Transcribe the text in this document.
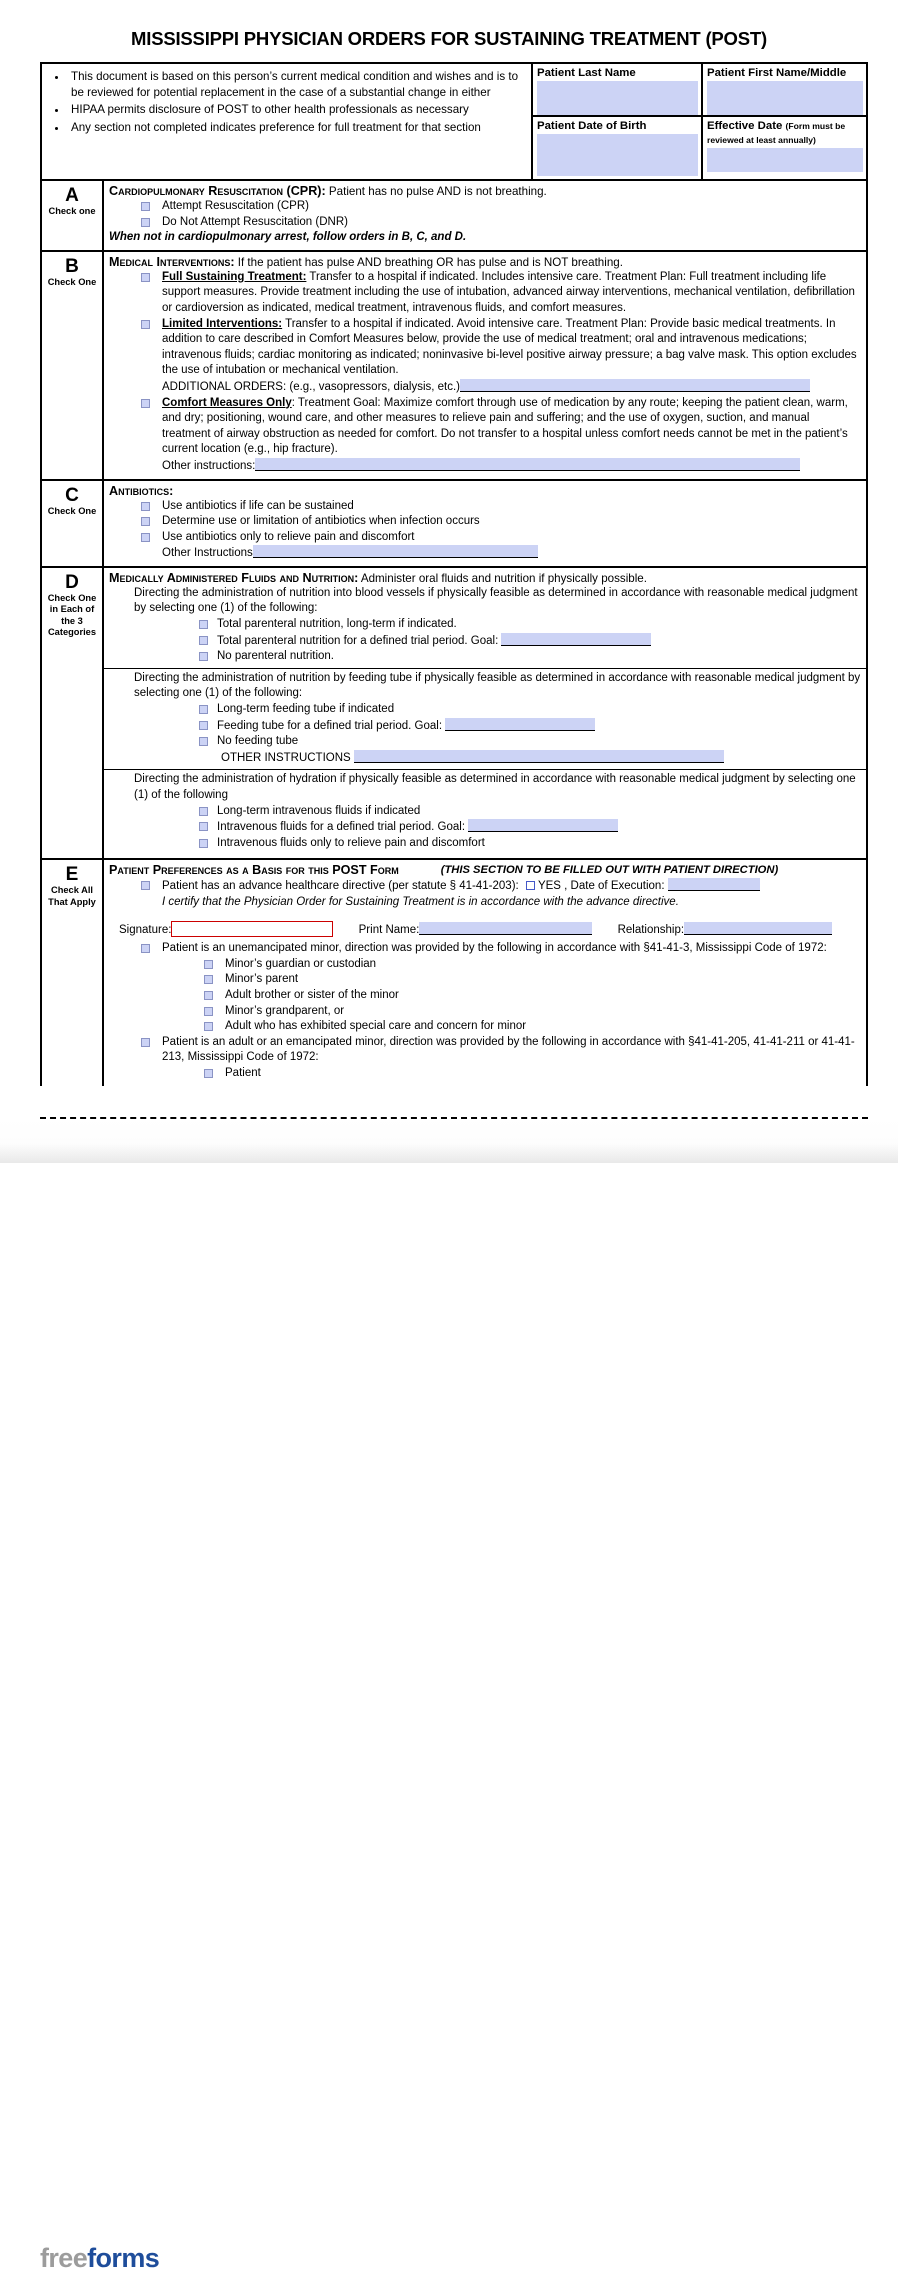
MISSISSIPPI PHYSICIAN ORDERS FOR SUSTAINING TREATMENT (POST)
• This document is based on this person’s current medical condition and wishes and is to be reviewed for potential replacement in the case of a substantial change in either
• HIPAA permits disclosure of POST to other health professionals as necessary
• Any section not completed indicates preference for full treatment for that section
Patient Last Name	Patient First Name/Middle
Patient Date of Birth	Effective Date (Form must be reviewed at least annually)
A
Check one
Cardiopulmonary Resuscitation (CPR): Patient has no pulse AND is not breathing.
Attempt Resuscitation (CPR)
Do Not Attempt Resuscitation (DNR)
When not in cardiopulmonary arrest, follow orders in B, C, and D.
B
Check One
Medical Interventions: If the patient has pulse AND breathing OR has pulse and is NOT breathing.
Full Sustaining Treatment: Transfer to a hospital if indicated. Includes intensive care. Treatment Plan: Full treatment including life support measures. Provide treatment including the use of intubation, advanced airway interventions, mechanical ventilation, defibrillation or cardioversion as indicated, medical treatment, intravenous fluids, and comfort measures.
Limited Interventions: Transfer to a hospital if indicated. Avoid intensive care. Treatment Plan: Provide basic medical treatments. In addition to care described in Comfort Measures below, provide the use of medical treatment; oral and intravenous medications; intravenous fluids; cardiac monitoring as indicated; noninvasive bi-level positive airway pressure; a bag valve mask. This option excludes the use of intubation or mechanical ventilation.
ADDITIONAL ORDERS: (e.g., vasopressors, dialysis, etc.)
Comfort Measures Only: Treatment Goal: Maximize comfort through use of medication by any route; keeping the patient clean, warm, and dry; positioning, wound care, and other measures to relieve pain and suffering; and the use of oxygen, suction, and manual treatment of airway obstruction as needed for comfort. Do not transfer to a hospital unless comfort needs cannot be met in the patient’s current location (e.g., hip fracture).
Other instructions:
C
Check One
Antibiotics:
Use antibiotics if life can be sustained
Determine use or limitation of antibiotics when infection occurs
Use antibiotics only to relieve pain and discomfort
Other Instructions
D
Check One
in Each of
the 3
Categories
Medically Administered Fluids and Nutrition: Administer oral fluids and nutrition if physically possible.
Directing the administration of nutrition into blood vessels if physically feasible as determined in accordance with reasonable medical judgment by selecting one (1) of the following:
Total parenteral nutrition, long-term if indicated.
Total parenteral nutrition for a defined trial period. Goal:
No parenteral nutrition.
Directing the administration of nutrition by feeding tube if physically feasible as determined in accordance with reasonable medical judgment by selecting one (1) of the following:
Long-term feeding tube if indicated
Feeding tube for a defined trial period. Goal:
No feeding tube
OTHER INSTRUCTIONS
Directing the administration of hydration if physically feasible as determined in accordance with reasonable medical judgment by selecting one (1) of the following
Long-term intravenous fluids if indicated
Intravenous fluids for a defined trial period. Goal:
Intravenous fluids only to relieve pain and discomfort
E
Check All
That Apply
Patient Preferences as a Basis for this POST Form	(THIS SECTION TO BE FILLED OUT WITH PATIENT DIRECTION)
Patient has an advance healthcare directive (per statute § 41-41-203): YES , Date of Execution:
I certify that the Physician Order for Sustaining Treatment is in accordance with the advance directive.
Signature:	Print Name:	Relationship:
Patient is an unemancipated minor, direction was provided by the following in accordance with §41-41-3, Mississippi Code of 1972:
Minor’s guardian or custodian
Minor’s parent
Adult brother or sister of the minor
Minor’s grandparent, or
Adult who has exhibited special care and concern for minor
Patient is an adult or an emancipated minor, direction was provided by the following in accordance with §41-41-205, 41-41-211 or 41-41-213, Mississippi Code of 1972:
Patient
freeforms
